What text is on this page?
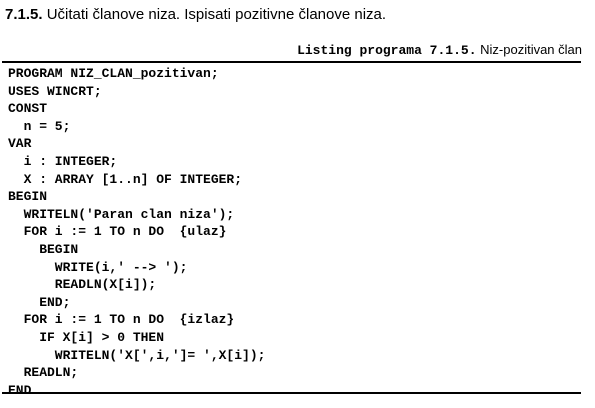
7.1.5. Učitati članove niza. Ispisati pozitivne članove niza.
Listing programa 7.1.5. Niz-pozitivan član
PROGRAM NIZ_CLAN_pozitivan;
USES WINCRT;
CONST
n = 5;
VAR
i : INTEGER;
X : ARRAY [1..n] OF INTEGER;
BEGIN
WRITELN('Paran clan niza');
FOR i := 1 TO n DO  {ulaz}
BEGIN
WRITE(i,' --> ');
READLN(X[i]);
END;
FOR i := 1 TO n DO  {izlaz}
IF X[i] > 0 THEN
WRITELN('X[',i,']= ',X[i]);
READLN;
END.
